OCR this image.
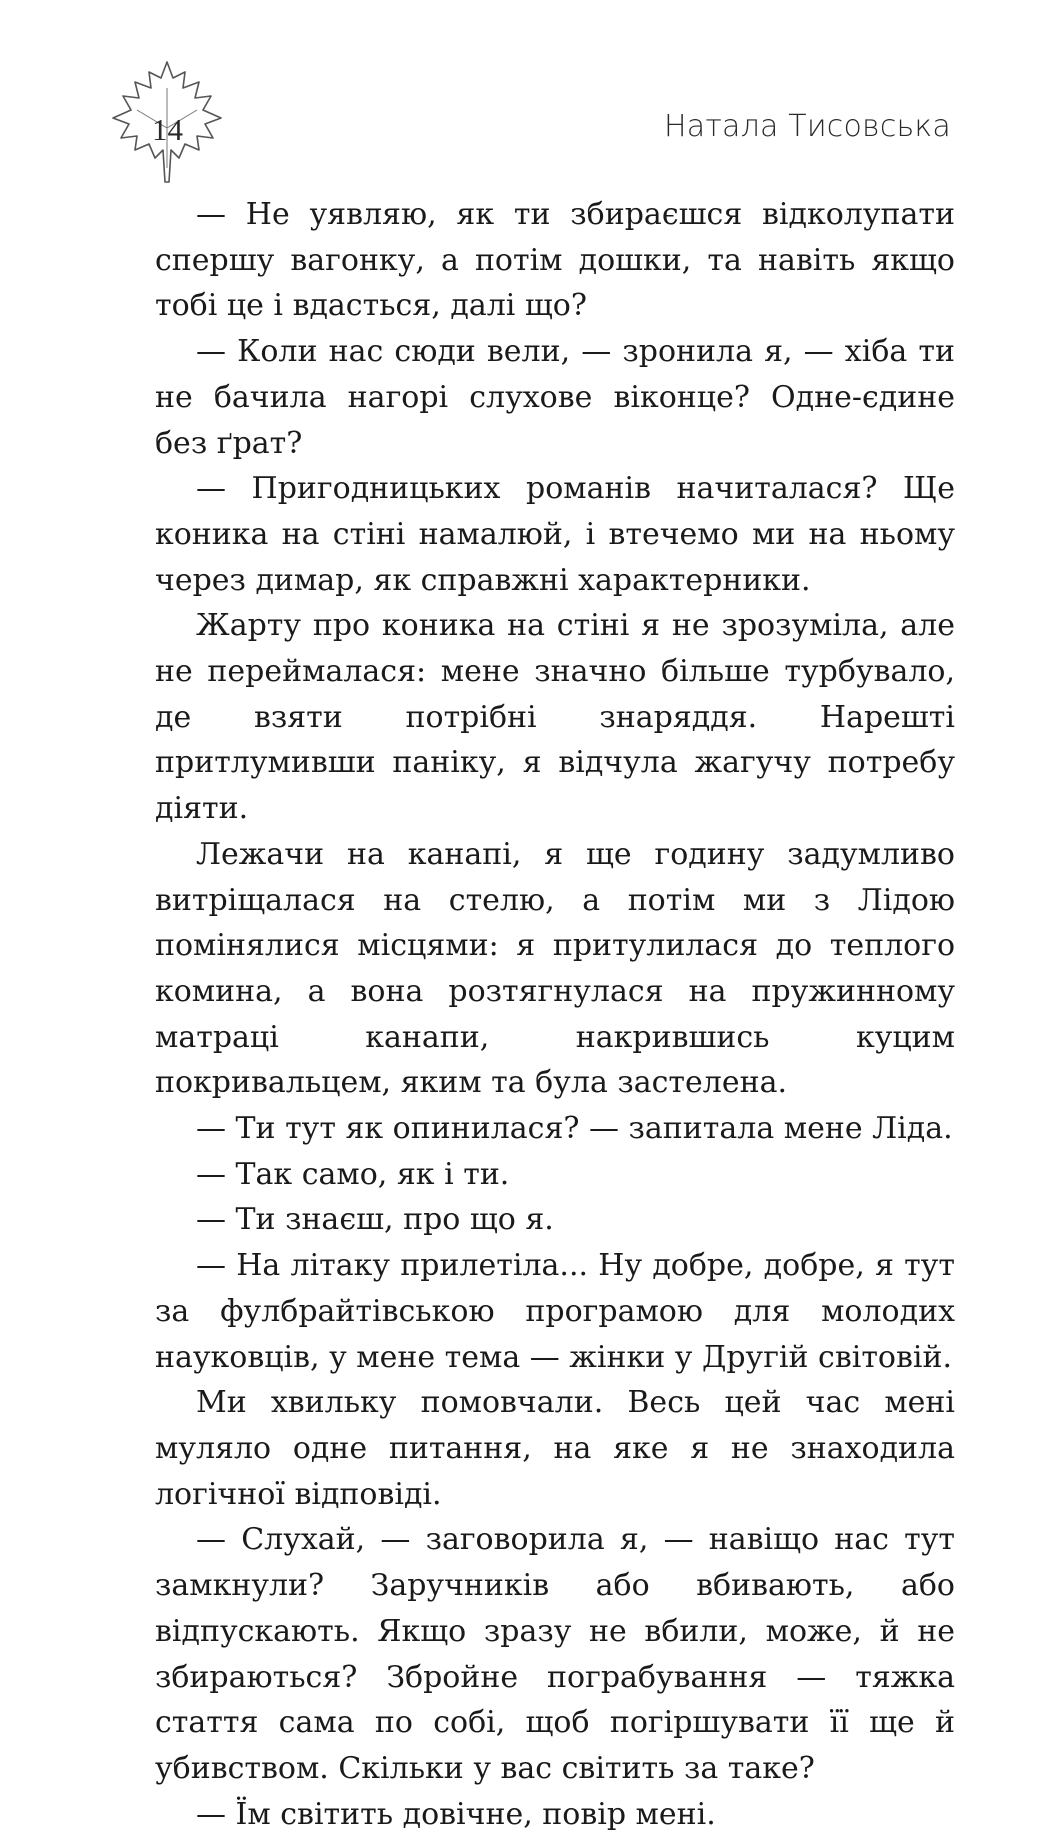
14	Натала Тисовська

— Не уявляю, як ти збираєшся відколупати спершу вагонку, а потім дошки, та навіть якщо тобі це і вдасться, далі що?

— Коли нас сюди вели, — зронила я, — хіба ти не бачила нагорі слухове віконце? Одне-єдине без ґрат?

— Пригодницьких романів начиталася? Ще коника на стіні намалюй, і втечемо ми на ньому через димар, як справжні характерники.

Жарту про коника на стіні я не зрозуміла, але не переймалася: мене значно більше турбувало, де взяти потрібні знаряддя. Нарешті притлумивши паніку, я відчула жагучу потребу діяти.

Лежачи на канапі, я ще годину задумливо витріщалася на стелю, а потім ми з Лідою помінялися місцями: я притулилася до теплого комина, а вона розтягнулася на пружинному матраці канапи, накрившись куцим покривальцем, яким та була застелена.

— Ти тут як опинилася? — запитала мене Ліда.

— Так само, як і ти.

— Ти знаєш, про що я.

— На літаку прилетіла... Ну добре, добре, я тут за фулбрайтівською програмою для молодих науковців, у мене тема — жінки у Другій світовій.

Ми хвильку помовчали. Весь цей час мені муляло одне питання, на яке я не знаходила логічної відповіді.

— Слухай, — заговорила я, — навіщо нас тут замкнули? Заручників або вбивають, або відпускають. Якщо зразу не вбили, може, й не збираються? Збройне пограбування — тяжка стаття сама по собі, щоб погіршувати її ще й убивством. Скільки у вас світить за таке?

— Їм світить довічне, повір мені.
